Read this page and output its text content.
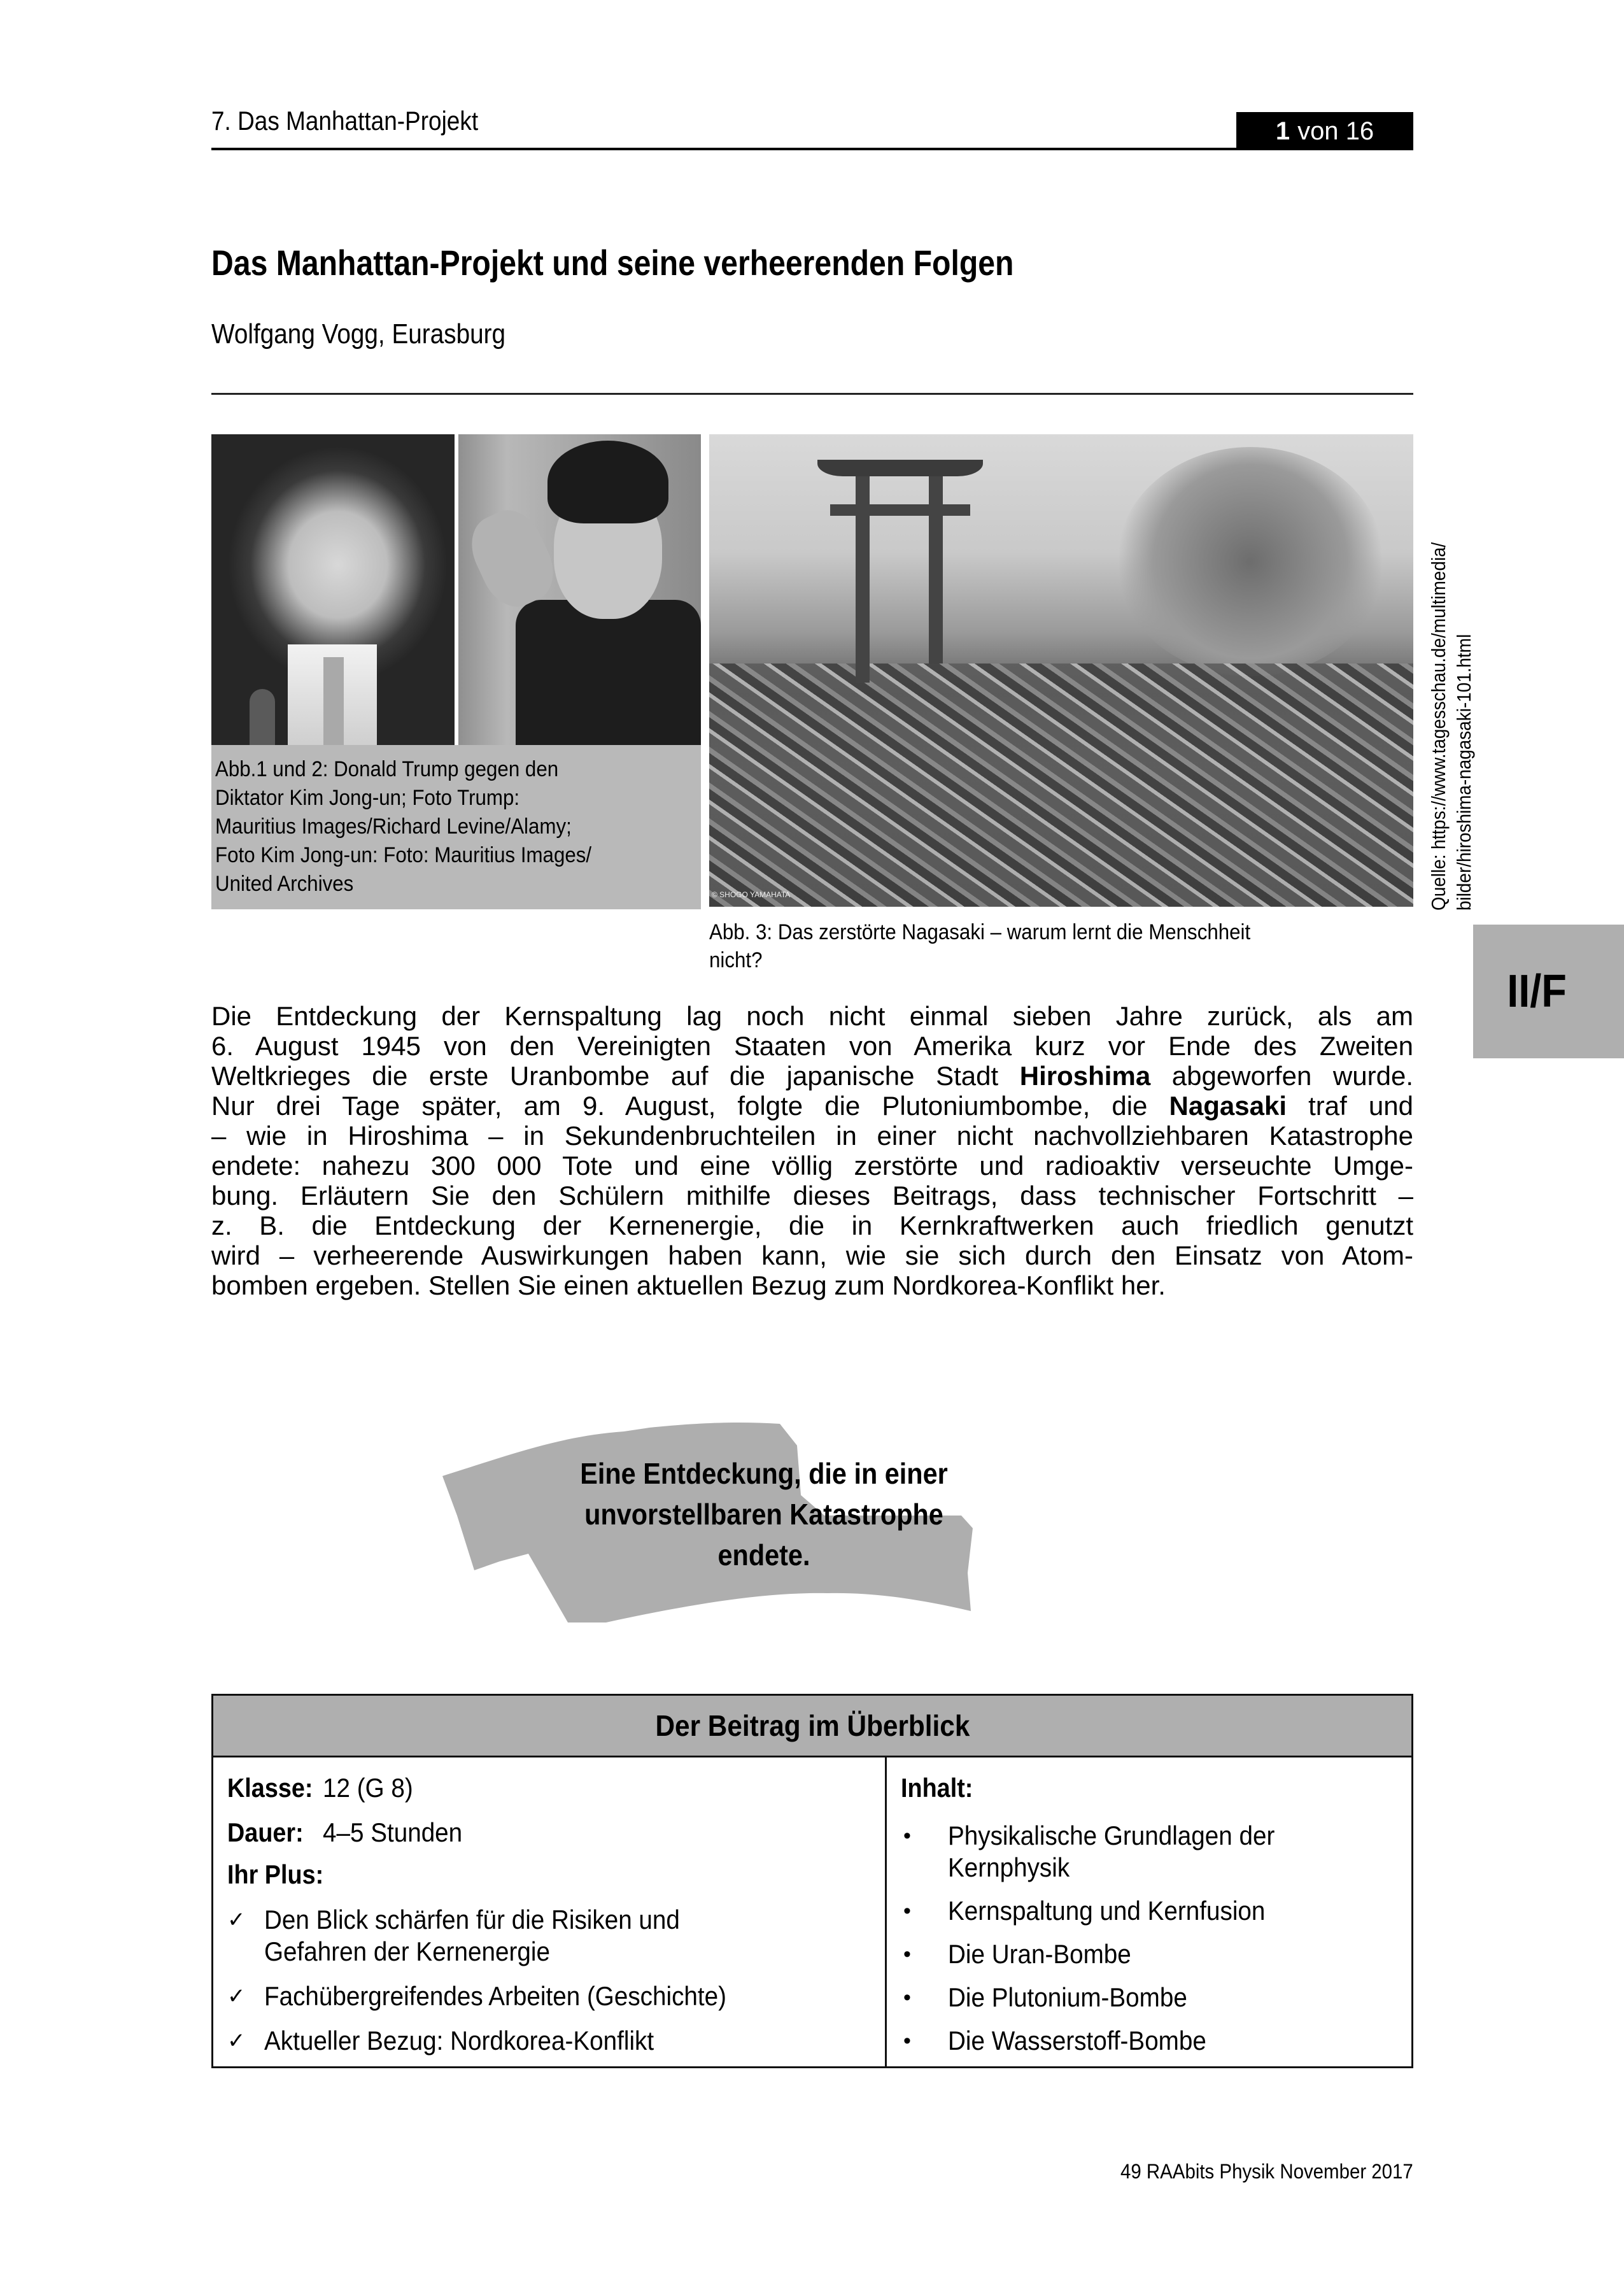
7. Das Manhattan-Projekt	1 von
16
Das Manhattan-Projekt und seine verheerenden Folgen
Wolfgang Vogg, Eurasburg
Abb.1 und 2: Donald Trump gegen den
Diktator Kim Jong-un; Foto Trump:
Mauritius Images/Richard Levine/Alamy;
Foto Kim Jong-un: Foto: Mauritius Images/
United Archives	© SHOGO YAMAHATA
Abb. 3: Das zerstörte Nagasaki – warum lernt die Menschheit
nicht?
Quelle: https://www.tagesschau.de/multimedia/ bilder/hiroshima-nagasaki-101.html
II/F
Die Entdeckung der Kernspaltung lag noch nicht einmal sieben Jahre zurück, als am
6. August 1945 von den Vereinigten Staaten von Amerika kurz vor Ende des Zweiten
Weltkrieges die erste Uranbombe auf die japanische Stadt Hiroshima abgeworfen wurde.
Nur drei Tage später, am 9. August, folgte die Plutoniumbombe, die Nagasaki traf und
– wie in Hiroshima – in Sekundenbruchteilen in einer nicht nachvollziehbaren Katastrophe
endete: nahezu 300 000 Tote und eine völlig zerstörte und radioaktiv verseuchte Umge-
bung. Erläutern Sie den Schülern mithilfe dieses Beitrags, dass technischer Fortschritt –
z. B. die Entdeckung der Kernenergie, die in Kernkraftwerken auch friedlich genutzt
wird – verheerende Auswirkungen haben kann, wie sie sich durch den Einsatz von Atom-
bomben ergeben. Stellen Sie einen aktuellen Bezug zum Nordkorea-Konflikt her.
Eine Entdeckung, die in einer
unvorstellbaren Katastrophe
endete.
Der Beitrag im Überblick
Klasse: 12 (G 8)
Dauer: 4–5 Stunden
Ihr Plus:
✓ Den Blick schärfen für die Risiken und
Gefahren der Kernenergie
✓ Fachübergreifendes Arbeiten (Geschichte)
✓ Aktueller Bezug: Nordkorea-Konflikt
Inhalt:
•	Physikalische Grundlagen der
Kernphysik
•	Kernspaltung und Kernfusion
•	Die Uran-Bombe
•	Die Plutonium-Bombe
•	Die Wasserstoff-Bombe
49 RAAbits Physik November 2017
